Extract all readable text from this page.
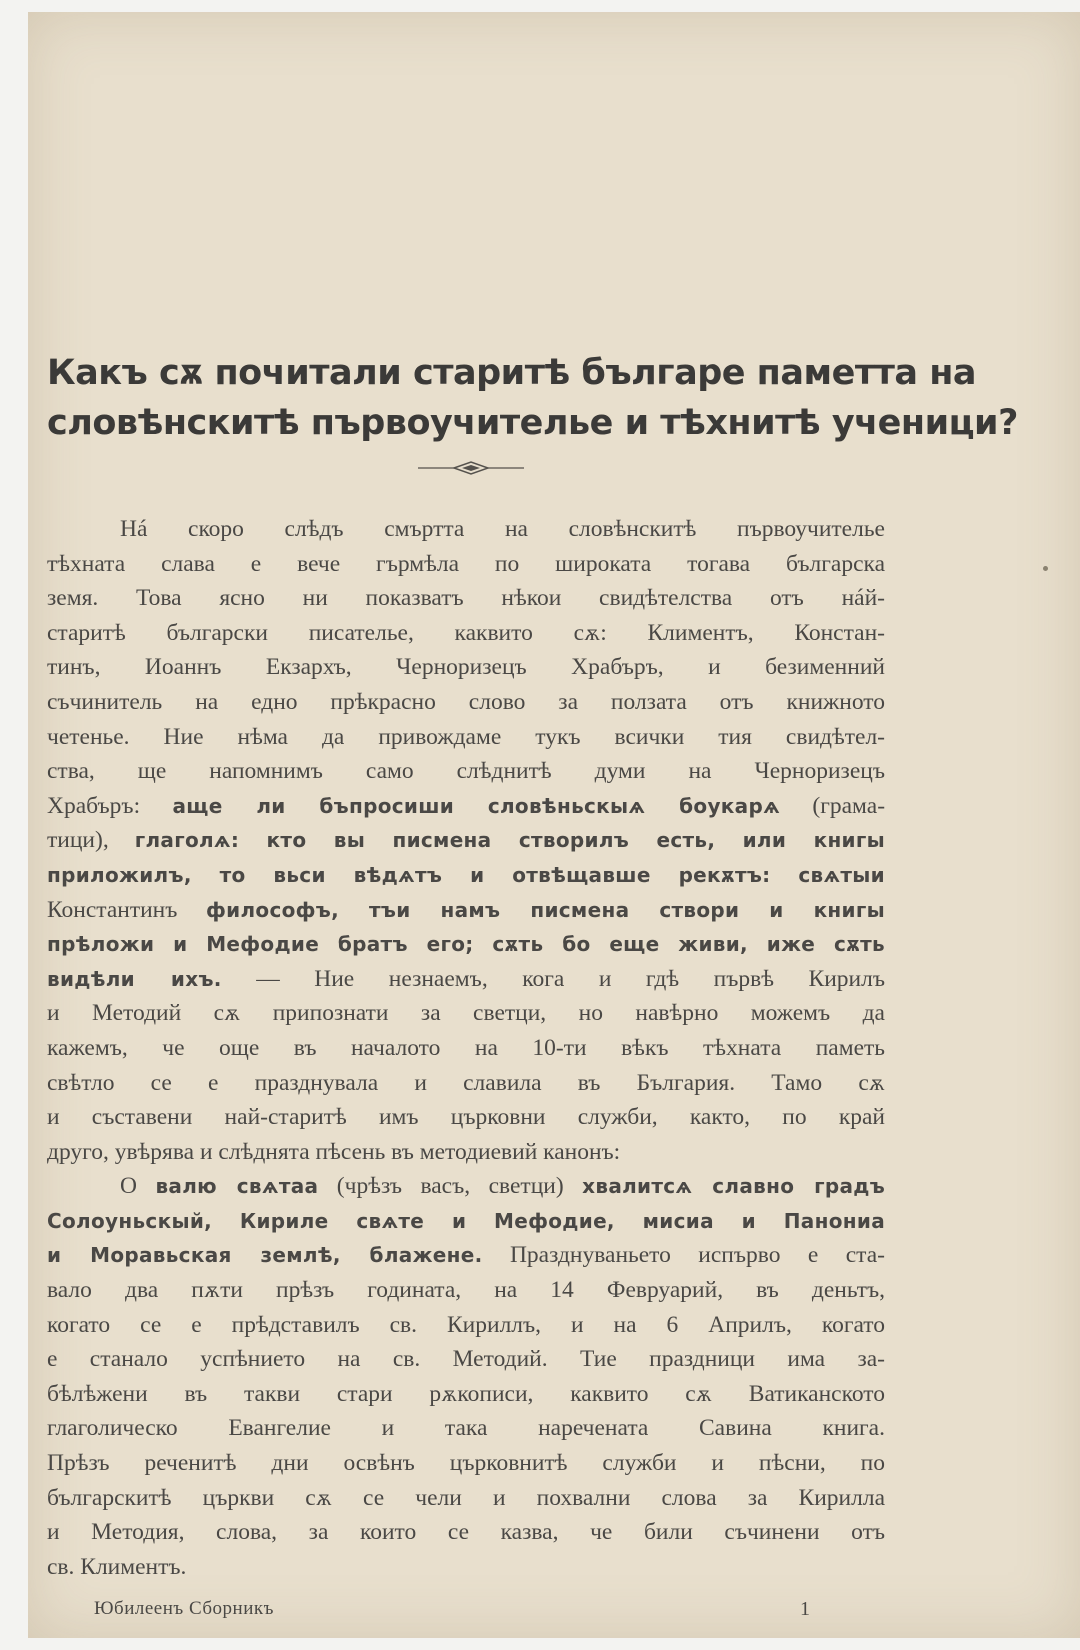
Какъ сѫ почитали старитѣ българе паметта на
словѣнскитѣ първоучителье и тѣхнитѣ ученици?
Нá скоро слѣдъ смъртта на словѣнскитѣ първоучителье
тѣхната слава е вече гърмѣла по широката тогава българска
земя. Това ясно ни показватъ нѣкои свидѣтелства отъ нáй-
старитѣ български писателье, каквито сѫ: Климентъ, Констан-
тинъ, Иоаннъ Екзархъ, Черноризецъ Храбъръ, и безименний
съчинитель на едно прѣкрасно слово за ползата отъ книжното
четенье. Ние нѣма да привождаме тукъ всички тия свидѣтел-
ства, ще напомнимъ само слѣднитѣ думи на Черноризецъ
Храбъръ: аще ли бъпросиши словѣньскыѧ боукарѧ (грама-
тици), глаголѧ: кто вы писмена створилъ есть, или книгы
приложилъ, то вьси вѣдѧтъ и отвѣщавше рекѫтъ: свѧтыи
Константинъ философъ, тъи намъ писмена створи и книгы
прѣложи и Мефодие братъ его; сѫть бо еще живи, иже сѫть
видѣли ихъ. — Ние незнаемъ, кога и гдѣ първѣ Кирилъ
и Методий сѫ припознати за светци, но навѣрно можемъ да
кажемъ, че още въ началото на 10-ти вѣкъ тѣхната паметь
свѣтло се е празднувала и славила въ България. Тамо сѫ
и съставени най-старитѣ имъ църковни служби, както, по край
друго, увѣрява и слѣднята пѣсень въ методиевий канонъ:
О валю свѧтаа (чрѣзъ васъ, светци) хвалитсѧ славно градъ
Солоуньскый, Кириле свѧте и Мефодие, мисиа и Панониа
и Моравьская землѣ, блажене. Празднуваньето испърво е ста-
вало два пѫти прѣзъ годината, на 14 Февруарий, въ деньтъ,
когато се е прѣдставилъ св. Кириллъ, и на 6 Априлъ, когато
е станало успѣнието на св. Методий. Тие праздници има за-
бѣлѣжени въ такви стари рѫкописи, каквито сѫ Ватиканското
глаголическо Евангелие и така наречената Савина книга.
Прѣзъ реченитѣ дни освѣнъ църковнитѣ служби и пѣсни, по
българскитѣ църкви сѫ се чели и похвални слова за Кирилла
и Методия, слова, за които се казва, че били съчинени отъ
св. Климентъ.
Юбилеенъ Сборникъ	1
